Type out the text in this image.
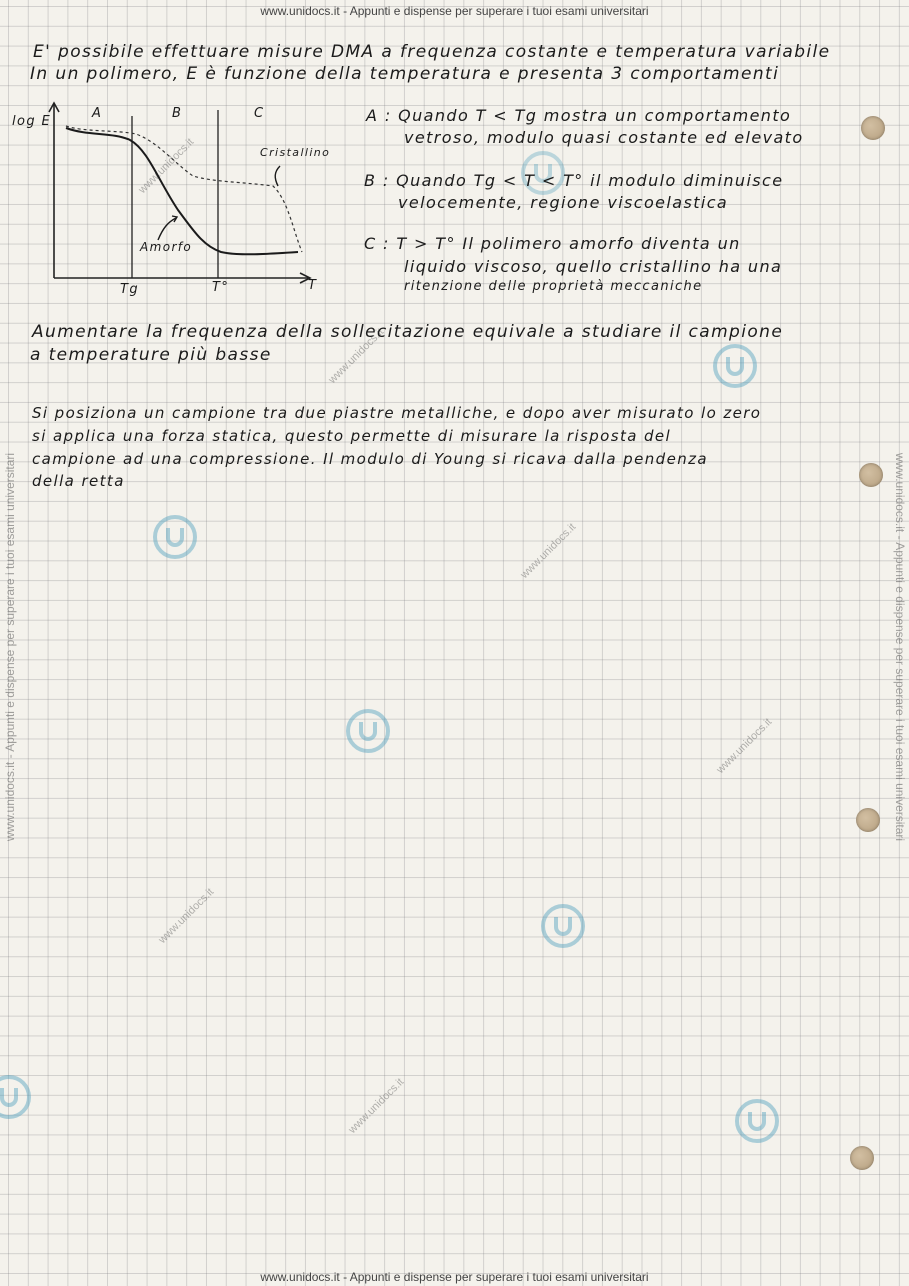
www.unidocs.it - Appunti e dispense per superare i tuoi esami universitari
www.unidocs.it - Appunti e dispense per superare i tuoi esami universitari
www.unidocs.it - Appunti e dispense per superare i tuoi esami universitari	www.unidocs.it - Appunti e dispense per superare i tuoi esami universitari
www.unidocs.it
www.unidocs.it
www.unidocs.it
www.unidocs.it
www.unidocs.it
www.unidocs.it
E' possibile effettuare misure DMA a frequenza costante e temperatura variabile
In un polimero, E è funzione della temperatura e presenta 3 comportamenti
log E
A	B	C
Cristallino
Amorfo
Tg	T°	T
A : Quando T < Tg mostra un comportamento
vetroso, modulo quasi costante ed elevato
B : Quando Tg < T < T° il modulo diminuisce
velocemente, regione viscoelastica
C : T > T° Il polimero amorfo diventa un
liquido viscoso, quello cristallino ha una
ritenzione delle proprietà meccaniche
Aumentare la frequenza della sollecitazione equivale a studiare il campione
a temperature più basse
Si posiziona un campione tra due piastre metalliche, e dopo aver misurato lo zero
si applica una forza statica, questo permette di misurare la risposta del
campione ad una compressione. Il modulo di Young si ricava dalla pendenza
della retta
